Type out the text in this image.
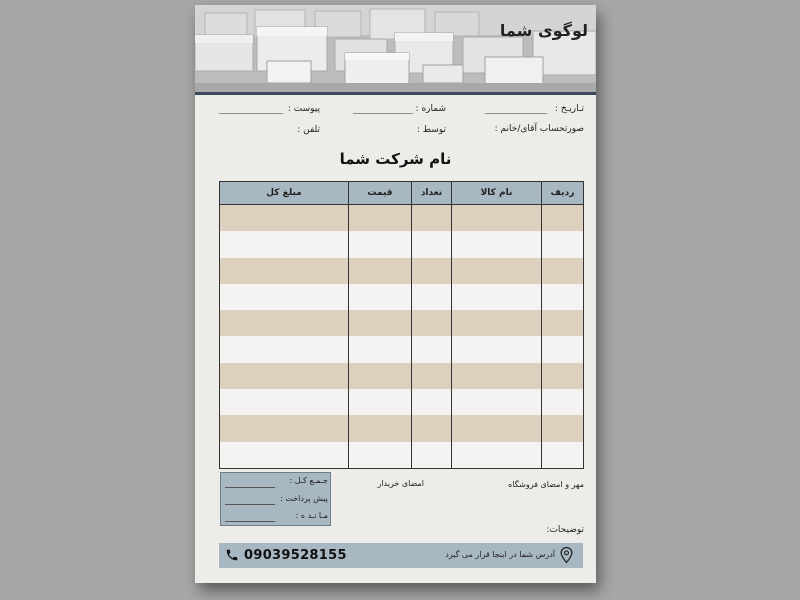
لوگوی شما
تـاریـخ :
شماره :
پیوست :
صورتحساب آقای/خانم :
توسط :
تلفن :
نام شرکت شما
ردیف	نام کالا	تعداد	قیمت	مبلغ کل

جـمـع کـل :
پیش پرداخت :
مـا نـد ه :
مهر و امضای فروشگاه
امضای خریدار
توضیحات:
09039528155	آدرس شما در اینجا قرار می گیرد
